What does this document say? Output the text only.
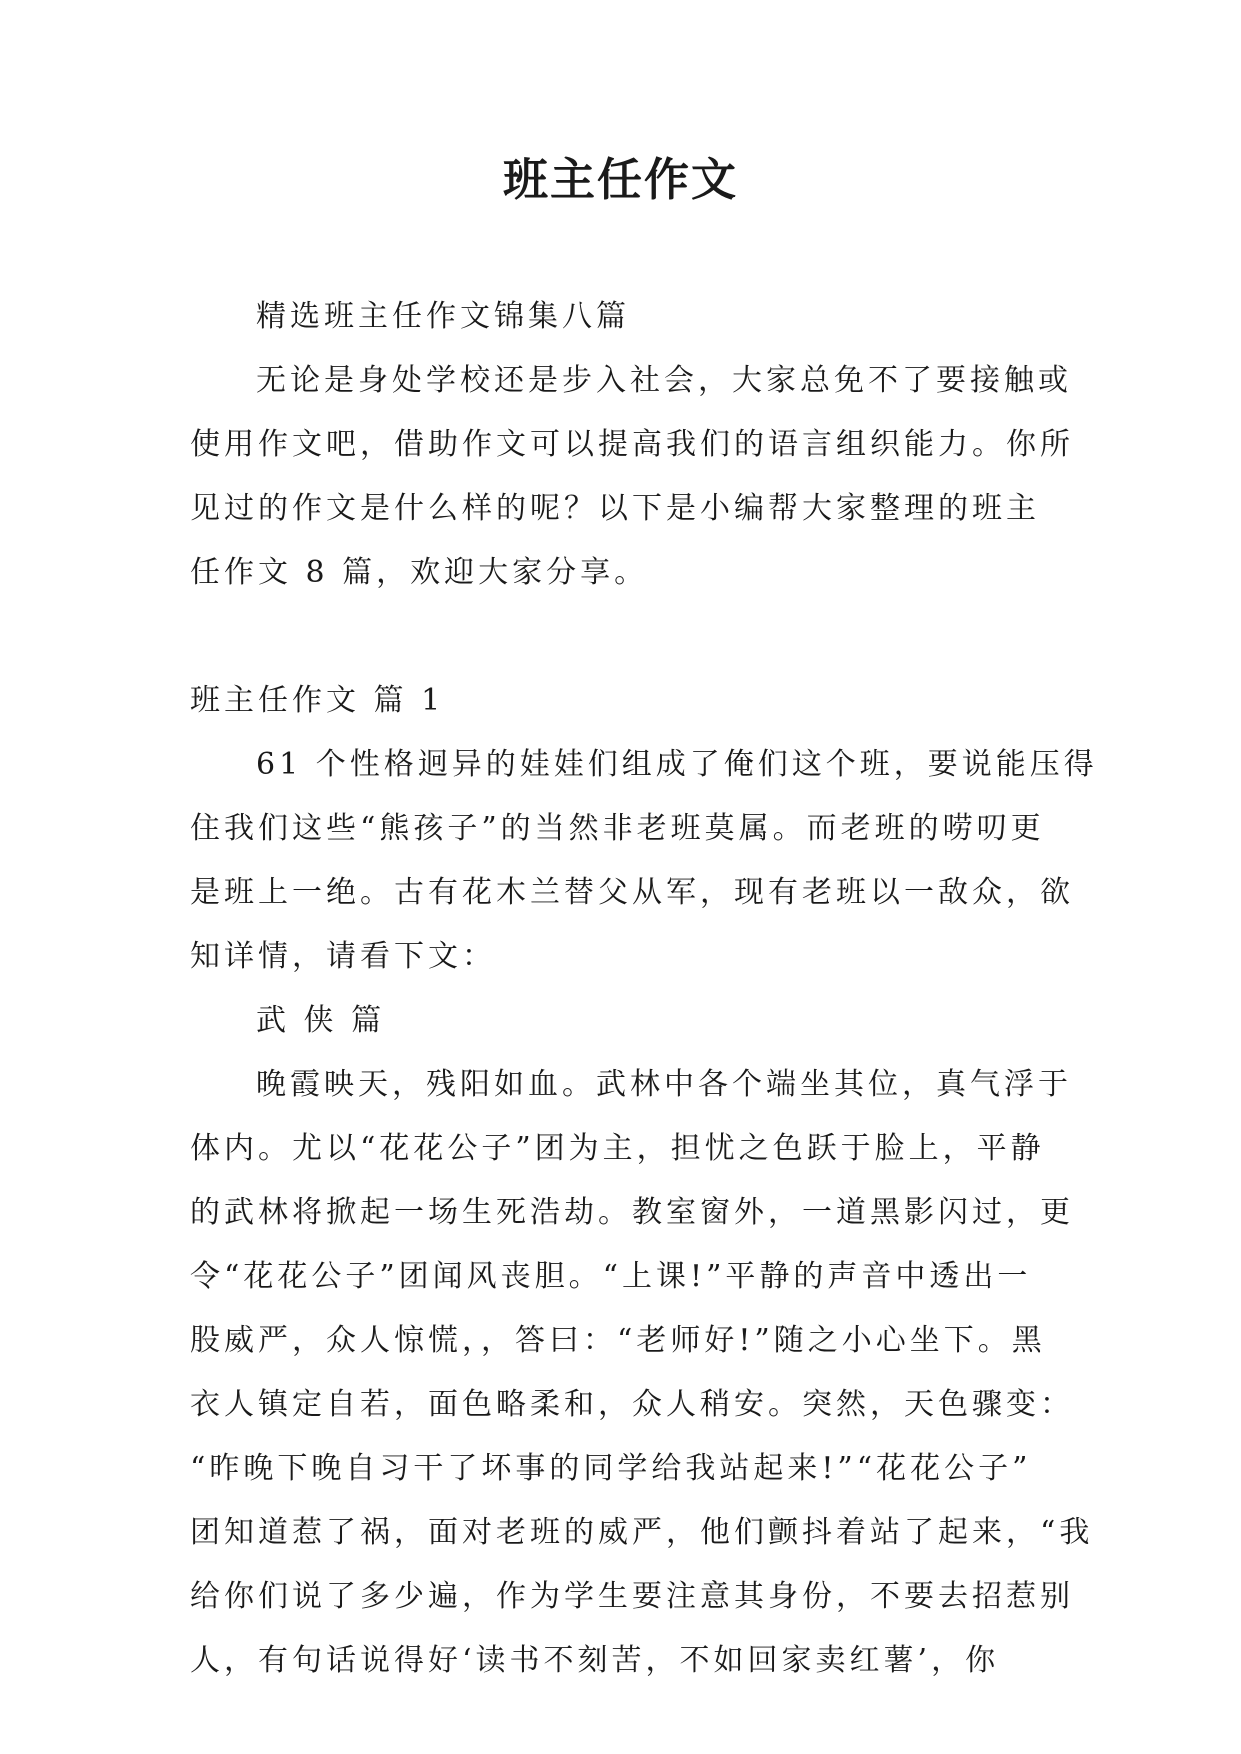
班主任作文
精选班主任作文锦集八篇
无论是身处学校还是步入社会，大家总免不了要接触或
使用作文吧，借助作文可以提高我们的语言组织能力。你所
见过的作文是什么样的呢？以下是小编帮大家整理的班主
任作文 8 篇，欢迎大家分享。
班主任作文 篇 1
61 个性格迥异的娃娃们组成了俺们这个班，要说能压得
住我们这些“熊孩子”的当然非老班莫属。而老班的唠叨更
是班上一绝。古有花木兰替父从军，现有老班以一敌众，欲
知详情，请看下文：
武 侠 篇
晚霞映天，残阳如血。武林中各个端坐其位，真气浮于
体内。尤以“花花公子”团为主，担忧之色跃于脸上，平静
的武林将掀起一场生死浩劫。教室窗外，一道黑影闪过，更
令“花花公子”团闻风丧胆。“上课!”平静的声音中透出一
股威严，众人惊慌，，答曰：“老师好!”随之小心坐下。黑
衣人镇定自若，面色略柔和，众人稍安。突然，天色骤变：
“昨晚下晚自习干了坏事的同学给我站起来!”“花花公子”
团知道惹了祸，面对老班的威严，他们颤抖着站了起来，“我
给你们说了多少遍，作为学生要注意其身份，不要去招惹别
人，有句话说得好‘读书不刻苦，不如回家卖红薯’，你
